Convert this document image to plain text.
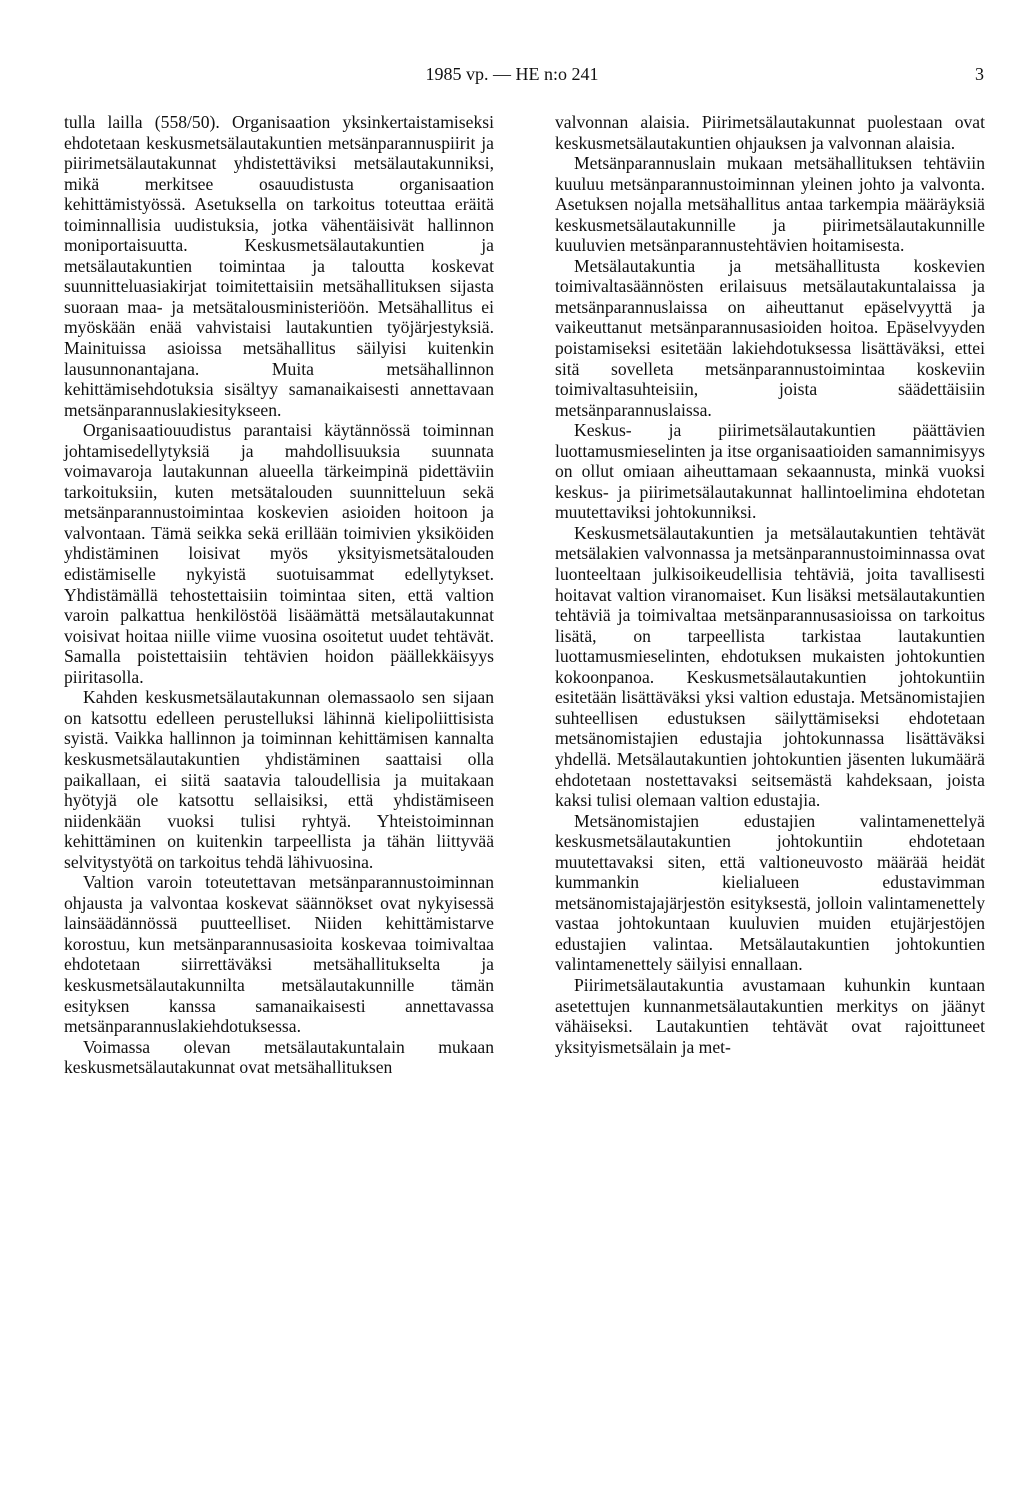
1985 vp. — HE n:o 241	3

tulla lailla (558/50). Organisaation yksinkertaistamiseksi ehdotetaan keskusmetsälautakuntien metsänparannuspiirit ja piirimetsälautakunnat yhdistettäviksi metsälautakunniksi, mikä merkitsee osauudistusta organisaation kehittämistyössä. Asetuksella on tarkoitus toteuttaa eräitä toiminnallisia uudistuksia, jotka vähentäisivät hallinnon moniportaisuutta. Keskusmetsälautakuntien ja metsälautakuntien toimintaa ja taloutta koskevat suunnitteluasiakirjat toimitettaisiin metsähallituksen sijasta suoraan maa- ja metsätalousministeriöön. Metsähallitus ei myöskään enää vahvistaisi lautakuntien työjärjestyksiä. Mainituissa asioissa metsähallitus säilyisi kuitenkin lausunnonantajana. Muita metsähallinnon kehittämisehdotuksia sisältyy samanaikaisesti annettavaan metsänparannuslakiesitykseen.

Organisaatiouudistus parantaisi käytännössä toiminnan johtamisedellytyksiä ja mahdollisuuksia suunnata voimavaroja lautakunnan alueella tärkeimpinä pidettäviin tarkoituksiin, kuten metsätalouden suunnitteluun sekä metsänparannustoimintaa koskevien asioiden hoitoon ja valvontaan. Tämä seikka sekä erillään toimivien yksiköiden yhdistäminen loisivat myös yksityismetsätalouden edistämiselle nykyistä suotuisammat edellytykset. Yhdistämällä tehostettaisiin toimintaa siten, että valtion varoin palkattua henkilöstöä lisäämättä metsälautakunnat voisivat hoitaa niille viime vuosina osoitetut uudet tehtävät. Samalla poistettaisiin tehtävien hoidon päällekkäisyys piiritasolla.

Kahden keskusmetsälautakunnan olemassaolo sen sijaan on katsottu edelleen perustelluksi lähinnä kielipoliittisista syistä. Vaikka hallinnon ja toiminnan kehittämisen kannalta keskusmetsälautakuntien yhdistäminen saattaisi olla paikallaan, ei siitä saatavia taloudellisia ja muitakaan hyötyjä ole katsottu sellaisiksi, että yhdistämiseen niidenkään vuoksi tulisi ryhtyä. Yhteistoiminnan kehittäminen on kuitenkin tarpeellista ja tähän liittyvää selvitystyötä on tarkoitus tehdä lähivuosina.

Valtion varoin toteutettavan metsänparannustoiminnan ohjausta ja valvontaa koskevat säännökset ovat nykyisessä lainsäädännössä puutteelliset. Niiden kehittämistarve korostuu, kun metsänparannusasioita koskevaa toimivaltaa ehdotetaan siirrettäväksi metsähallitukselta ja keskusmetsälautakunnilta metsälautakunnille tämän esityksen kanssa samanaikaisesti annettavassa metsänparannuslakiehdotuksessa.

Voimassa olevan metsälautakuntalain mukaan keskusmetsälautakunnat ovat metsähallituksen

valvonnan alaisia. Piirimetsälautakunnat puolestaan ovat keskusmetsälautakuntien ohjauksen ja valvonnan alaisia.

Metsänparannuslain mukaan metsähallituksen tehtäviin kuuluu metsänparannustoiminnan yleinen johto ja valvonta. Asetuksen nojalla metsähallitus antaa tarkempia määräyksiä keskusmetsälautakunnille ja piirimetsälautakunnille kuuluvien metsänparannustehtävien hoitamisesta.

Metsälautakuntia ja metsähallitusta koskevien toimivaltasäännösten erilaisuus metsälautakuntalaissa ja metsänparannuslaissa on aiheuttanut epäselvyyttä ja vaikeuttanut metsänparannusasioiden hoitoa. Epäselvyyden poistamiseksi esitetään lakiehdotuksessa lisättäväksi, ettei sitä sovelleta metsänparannustoimintaa koskeviin toimivaltasuhteisiin, joista säädettäisiin metsänparannuslaissa.

Keskus- ja piirimetsälautakuntien päättävien luottamusmieselinten ja itse organisaatioiden samannimisyys on ollut omiaan aiheuttamaan sekaannusta, minkä vuoksi keskus- ja piirimetsälautakunnat hallintoelimina ehdotetan muutettaviksi johtokunniksi.

Keskusmetsälautakuntien ja metsälautakuntien tehtävät metsälakien valvonnassa ja metsänparannustoiminnassa ovat luonteeltaan julkisoikeudellisia tehtäviä, joita tavallisesti hoitavat valtion viranomaiset. Kun lisäksi metsälautakuntien tehtäviä ja toimivaltaa metsänparannusasioissa on tarkoitus lisätä, on tarpeellista tarkistaa lautakuntien luottamusmieselinten, ehdotuksen mukaisten johtokuntien kokoonpanoa. Keskusmetsälautakuntien johtokuntiin esitetään lisättäväksi yksi valtion edustaja. Metsänomistajien suhteellisen edustuksen säilyttämiseksi ehdotetaan metsänomistajien edustajia johtokunnassa lisättäväksi yhdellä. Metsälautakuntien johtokuntien jäsenten lukumäärä ehdotetaan nostettavaksi seitsemästä kahdeksaan, joista kaksi tulisi olemaan valtion edustajia.

Metsänomistajien edustajien valintamenettelyä keskusmetsälautakuntien johtokuntiin ehdotetaan muutettavaksi siten, että valtioneuvosto määrää heidät kummankin kielialueen edustavimman metsänomistajajärjestön esityksestä, jolloin valintamenettely vastaa johtokuntaan kuuluvien muiden etujärjestöjen edustajien valintaa. Metsälautakuntien johtokuntien valintamenettely säilyisi ennallaan.

Piirimetsälautakuntia avustamaan kuhunkin kuntaan asetettujen kunnanmetsälautakuntien merkitys on jäänyt vähäiseksi. Lautakuntien tehtävät ovat rajoittuneet yksityismetsälain ja met-
